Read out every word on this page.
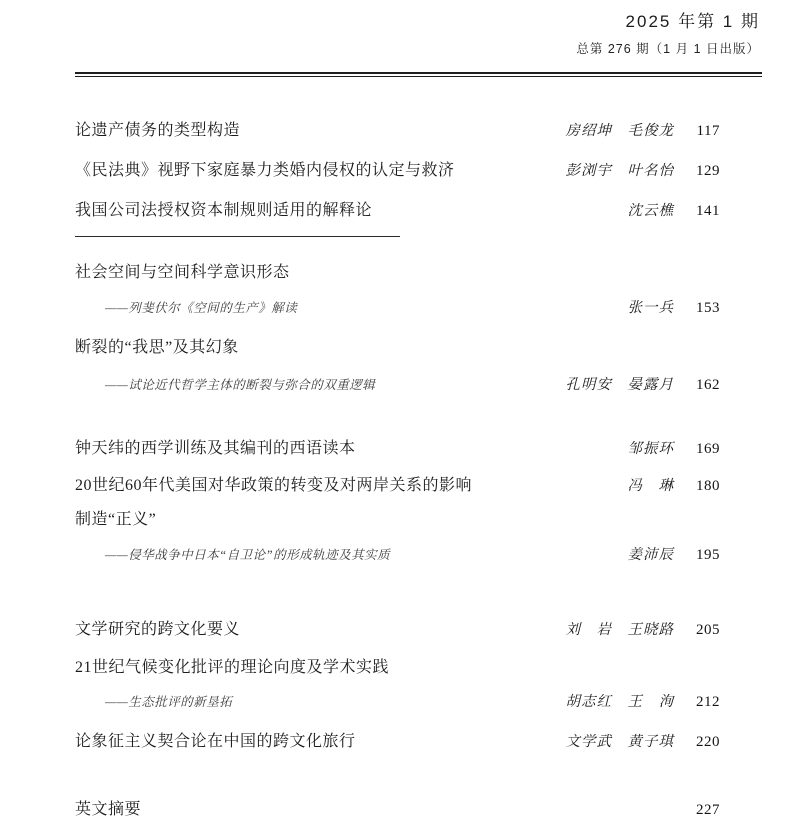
2025 年第 1 期
总第 276 期（1 月 1 日出版）
论遗产债务的类型构造	房绍坤　毛俊龙	117
《民法典》视野下家庭暴力类婚内侵权的认定与救济	彭浏宇　叶名怡 129
我国公司法授权资本制规则适用的解释论	沈云樵 141
社会空间与空间科学意识形态
——列斐伏尔《空间的生产》解读	张一兵 153
断裂的“我思”及其幻象
——试论近代哲学主体的断裂与弥合的双重逻辑	孔明安　晏露月 162
钟天纬的西学训练及其编刊的西语读本	邹振环 169
20世纪60年代美国对华政策的转变及对两岸关系的影响	冯　琳 180
制造“正义”
——侵华战争中日本“自卫论”的形成轨迹及其实质	姜沛辰 195
文学研究的跨文化要义	刘　岩　王晓路 205
21世纪气候变化批评的理论向度及学术实践
——生态批评的新垦拓	胡志红　王　洵 212
论象征主义契合论在中国的跨文化旅行	文学武　黄子琪 220
英文摘要	227
